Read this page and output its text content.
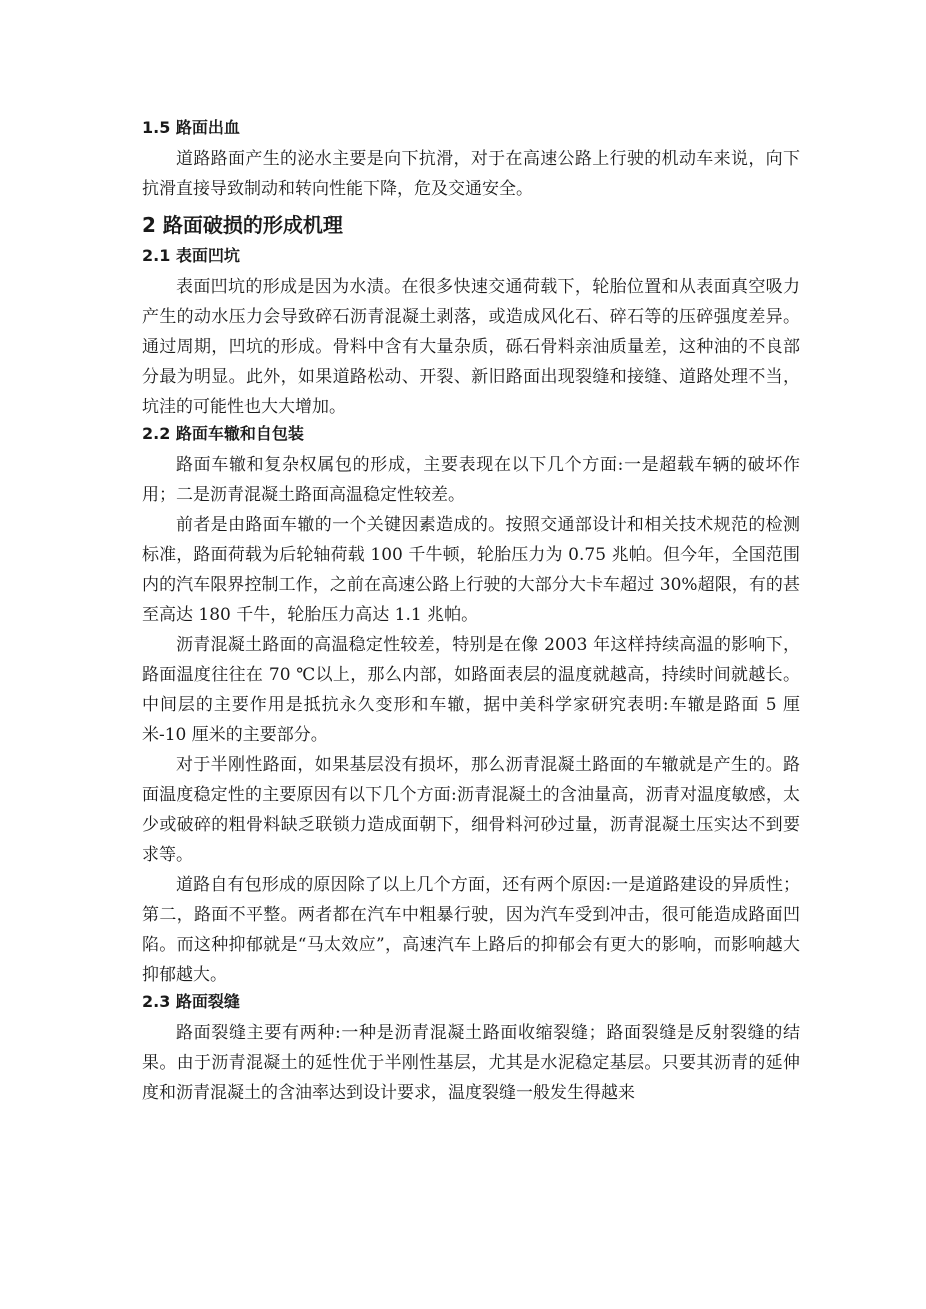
1.5 路面出血

道路路面产生的泌水主要是向下抗滑，对于在高速公路上行驶的机动车来说，向下抗滑直接导致制动和转向性能下降，危及交通安全。

2 路面破损的形成机理
2.1 表面凹坑

表面凹坑的形成是因为水渍。在很多快速交通荷载下，轮胎位置和从表面真空吸力产生的动水压力会导致碎石沥青混凝土剥落，或造成风化石、碎石等的压碎强度差异。通过周期，凹坑的形成。骨料中含有大量杂质，砾石骨料亲油质量差，这种油的不良部分最为明显。此外，如果道路松动、开裂、新旧路面出现裂缝和接缝、道路处理不当，坑洼的可能性也大大增加。

2.2 路面车辙和自包装

路面车辙和复杂权属包的形成，主要表现在以下几个方面:一是超载车辆的破坏作用；二是沥青混凝土路面高温稳定性较差。

前者是由路面车辙的一个关键因素造成的。按照交通部设计和相关技术规范的检测标准，路面荷载为后轮轴荷载 100 千牛顿，轮胎压力为 0.75 兆帕。但今年，全国范围内的汽车限界控制工作，之前在高速公路上行驶的大部分大卡车超过 30%超限，有的甚至高达 180 千牛，轮胎压力高达 1.1 兆帕。

沥青混凝土路面的高温稳定性较差，特别是在像 2003 年这样持续高温的影响下，路面温度往往在 70 ℃以上，那么内部，如路面表层的温度就越高，持续时间就越长。中间层的主要作用是抵抗永久变形和车辙，据中美科学家研究表明:车辙是路面 5 厘米-10 厘米的主要部分。

对于半刚性路面，如果基层没有损坏，那么沥青混凝土路面的车辙就是产生的。路面温度稳定性的主要原因有以下几个方面:沥青混凝土的含油量高，沥青对温度敏感，太少或破碎的粗骨料缺乏联锁力造成面朝下，细骨料河砂过量，沥青混凝土压实达不到要求等。

道路自有包形成的原因除了以上几个方面，还有两个原因:一是道路建设的异质性；第二，路面不平整。两者都在汽车中粗暴行驶，因为汽车受到冲击，很可能造成路面凹陷。而这种抑郁就是“马太效应”，高速汽车上路后的抑郁会有更大的影响，而影响越大抑郁越大。

2.3 路面裂缝

路面裂缝主要有两种:一种是沥青混凝土路面收缩裂缝；路面裂缝是反射裂缝的结果。由于沥青混凝土的延性优于半刚性基层，尤其是水泥稳定基层。只要其沥青的延伸度和沥青混凝土的含油率达到设计要求，温度裂缝一般发生得越来
